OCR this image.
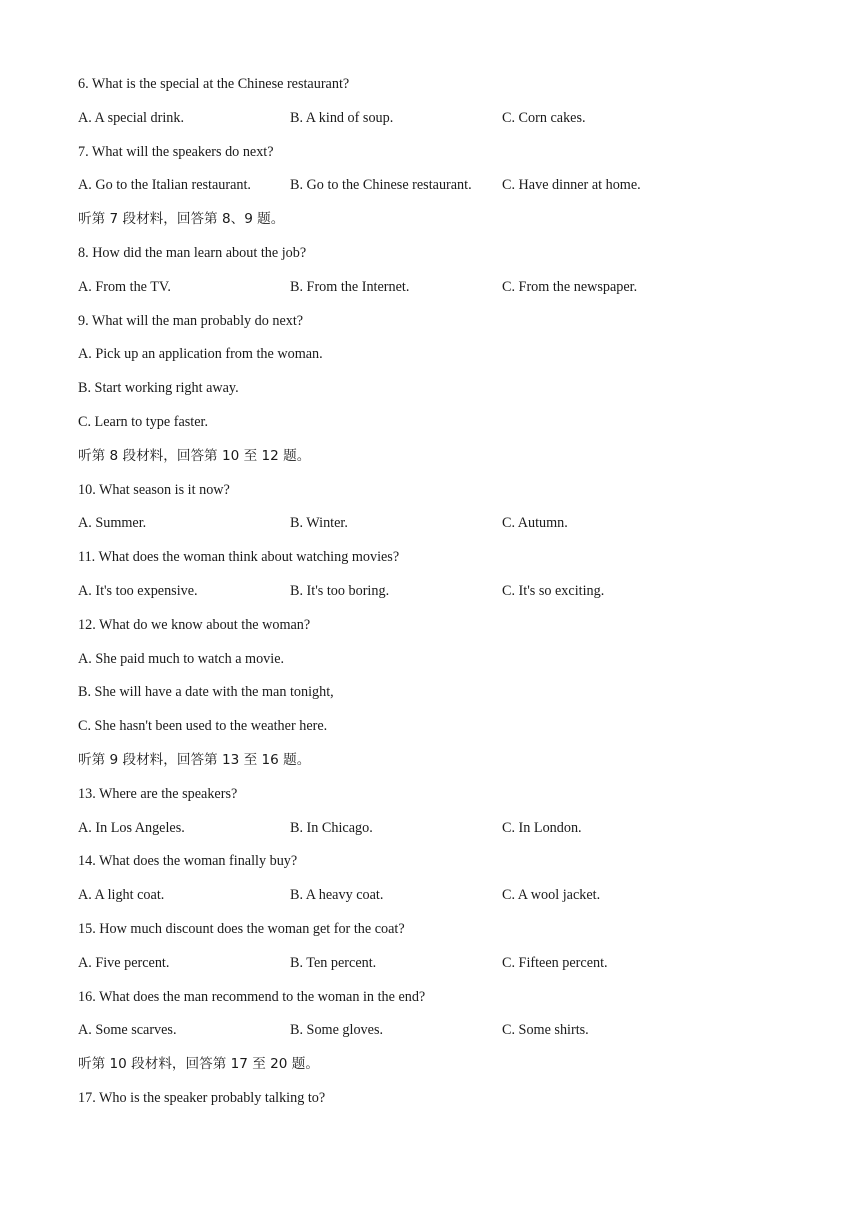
6. What is the special at the Chinese restaurant?
A. A special drink.	B. A kind of soup.	C. Corn cakes.
7. What will the speakers do next?
A. Go to the Italian restaurant.	B. Go to the Chinese restaurant.	C. Have dinner at home.
听第 7 段材料，回答第 8、9 题。
8. How did the man learn about the job?
A. From the TV.	B. From the Internet.	C. From the newspaper.
9. What will the man probably do next?
A. Pick up an application from the woman.
B. Start working right away.
C. Learn to type faster.
听第 8 段材料，回答第 10 至 12 题。
10. What season is it now?
A. Summer.	B. Winter.	C. Autumn.
11. What does the woman think about watching movies?
A. It's too expensive.	B. It's too boring.	C. It's so exciting.
12. What do we know about the woman?
A. She paid much to watch a movie.
B. She will have a date with the man tonight,
C. She hasn't been used to the weather here.
听第 9 段材料，回答第 13 至 16 题。
13. Where are the speakers?
A. In Los Angeles.	B. In Chicago.	C. In London.
14. What does the woman finally buy?
A. A light coat.	B. A heavy coat.	C. A wool jacket.
15. How much discount does the woman get for the coat?
A. Five percent.	B. Ten percent.	C. Fifteen percent.
16. What does the man recommend to the woman in the end?
A. Some scarves.	B. Some gloves.	C. Some shirts.
听第 10 段材料，回答第 17 至 20 题。
17. Who is the speaker probably talking to?
